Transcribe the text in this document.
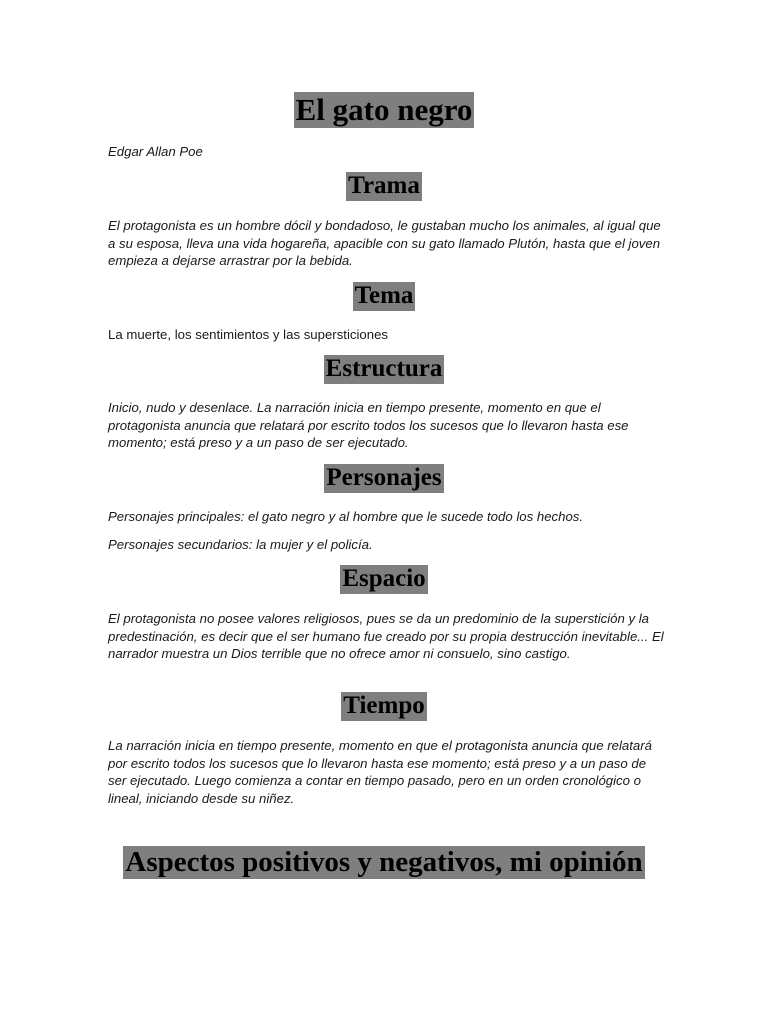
El gato negro

Edgar Allan Poe

Trama

El protagonista es un hombre dócil y bondadoso, le gustaban mucho los animales, al igual que a su esposa, lleva una vida hogareña, apacible con su gato llamado Plutón, hasta que el joven empieza a dejarse arrastrar por la bebida.

Tema

La muerte, los sentimientos y las supersticiones

Estructura

Inicio, nudo y desenlace. La narración inicia en tiempo presente, momento en que el protagonista anuncia que relatará por escrito todos los sucesos que lo llevaron hasta ese momento; está preso y a un paso de ser ejecutado.

Personajes

Personajes principales: el gato negro y al hombre que le sucede todo los hechos.

Personajes secundarios: la mujer y el policía.

Espacio

El protagonista no posee valores religiosos, pues se da un predominio de la superstición y la predestinación, es decir que el ser humano fue creado por su propia destrucción inevitable... El narrador muestra un Dios terrible que no ofrece amor ni consuelo, sino castigo.

Tiempo

La narración inicia en tiempo presente, momento en que el protagonista anuncia que relatará por escrito todos los sucesos que lo llevaron hasta ese momento; está preso y a un paso de ser ejecutado. Luego comienza a contar en tiempo pasado, pero en un orden cronológico o lineal, iniciando desde su niñez.

Aspectos positivos y negativos, mi opinión
